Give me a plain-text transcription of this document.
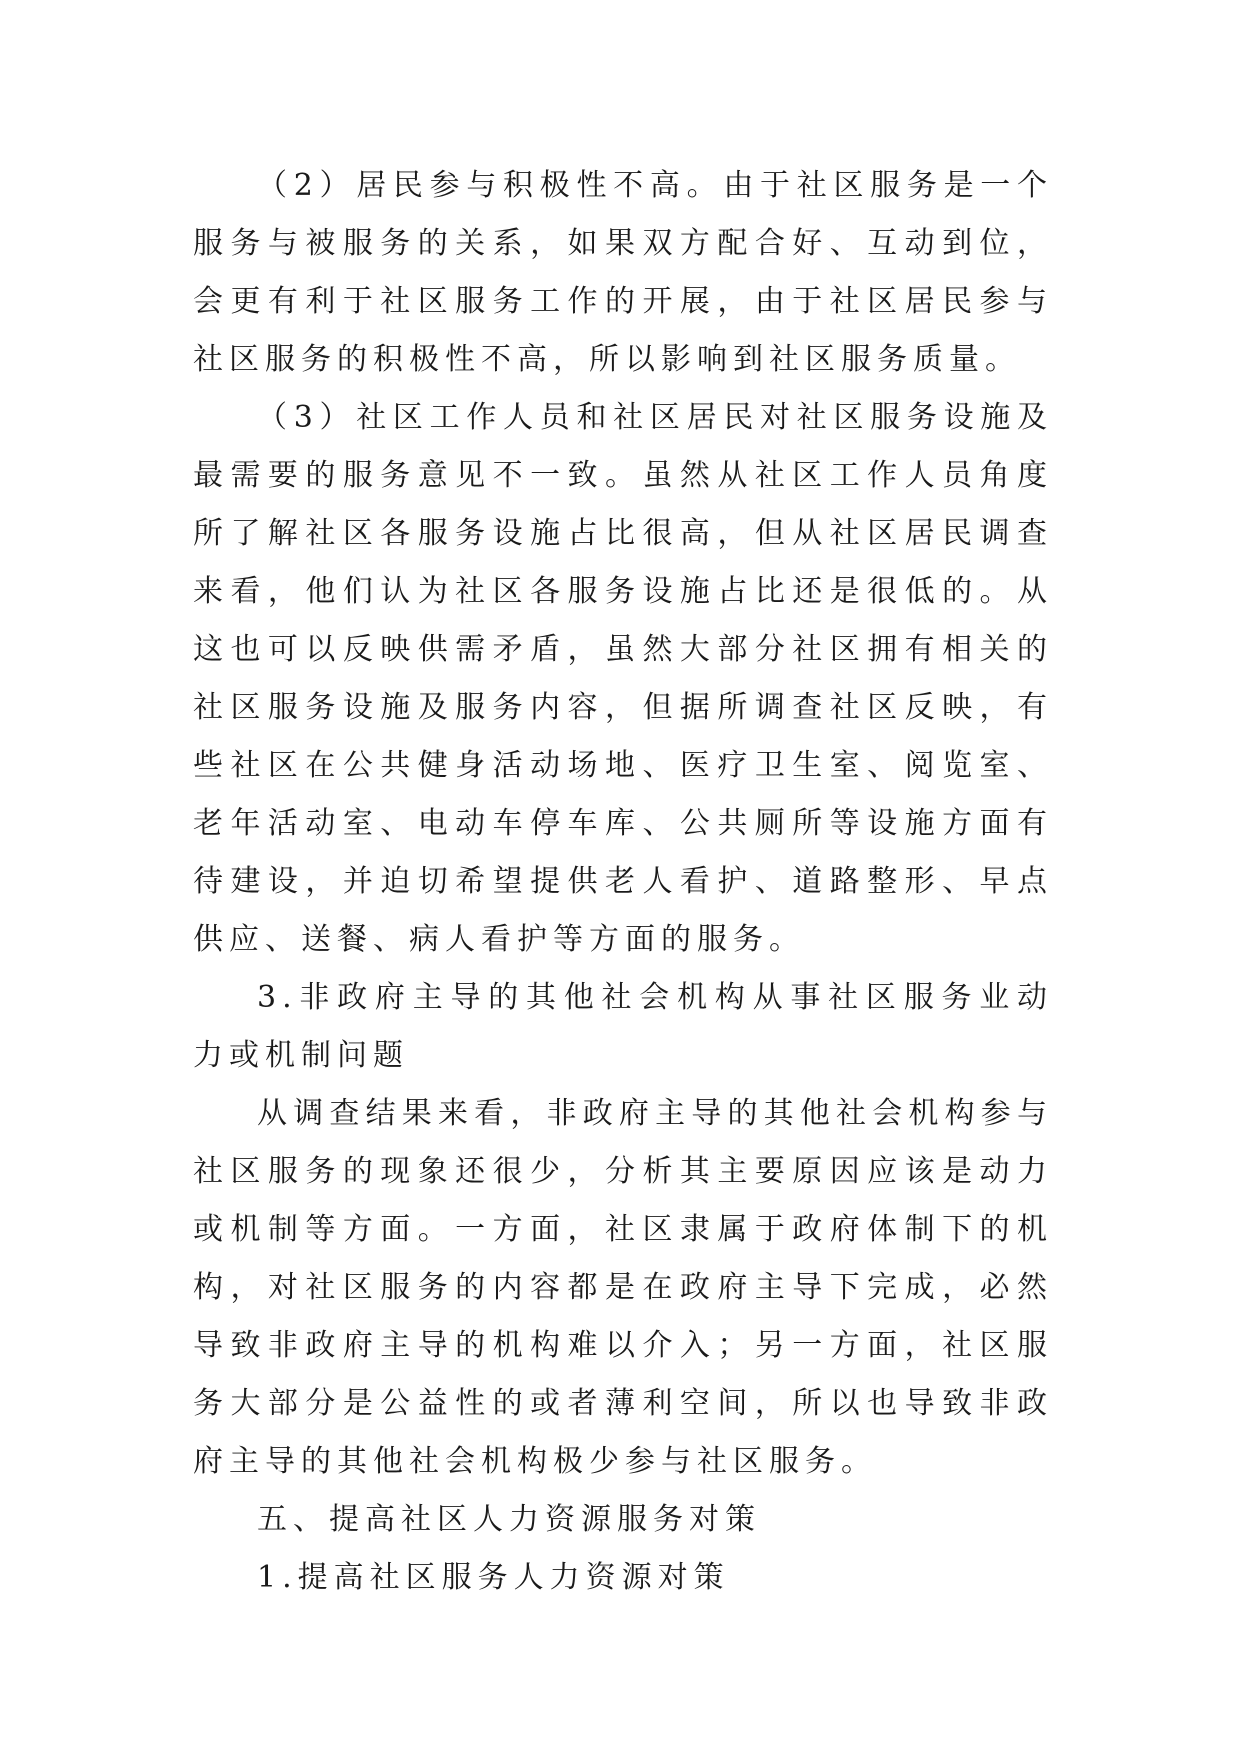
（2）居民参与积极性不高。由于社区服务是一个服务与被服务的关系，如果双方配合好、互动到位，会更有利于社区服务工作的开展，由于社区居民参与社区服务的积极性不高，所以影响到社区服务质量。

（3）社区工作人员和社区居民对社区服务设施及最需要的服务意见不一致。虽然从社区工作人员角度所了解社区各服务设施占比很高，但从社区居民调查来看，他们认为社区各服务设施占比还是很低的。从这也可以反映供需矛盾，虽然大部分社区拥有相关的社区服务设施及服务内容，但据所调查社区反映，有些社区在公共健身活动场地、医疗卫生室、阅览室、老年活动室、电动车停车库、公共厕所等设施方面有待建设，并迫切希望提供老人看护、道路整形、早点供应、送餐、病人看护等方面的服务。

3.非政府主导的其他社会机构从事社区服务业动力或机制问题

从调查结果来看，非政府主导的其他社会机构参与社区服务的现象还很少，分析其主要原因应该是动力或机制等方面。一方面，社区隶属于政府体制下的机构，对社区服务的内容都是在政府主导下完成，必然导致非政府主导的机构难以介入；另一方面，社区服务大部分是公益性的或者薄利空间，所以也导致非政府主导的其他社会机构极少参与社区服务。

五、提高社区人力资源服务对策

1.提高社区服务人力资源对策
